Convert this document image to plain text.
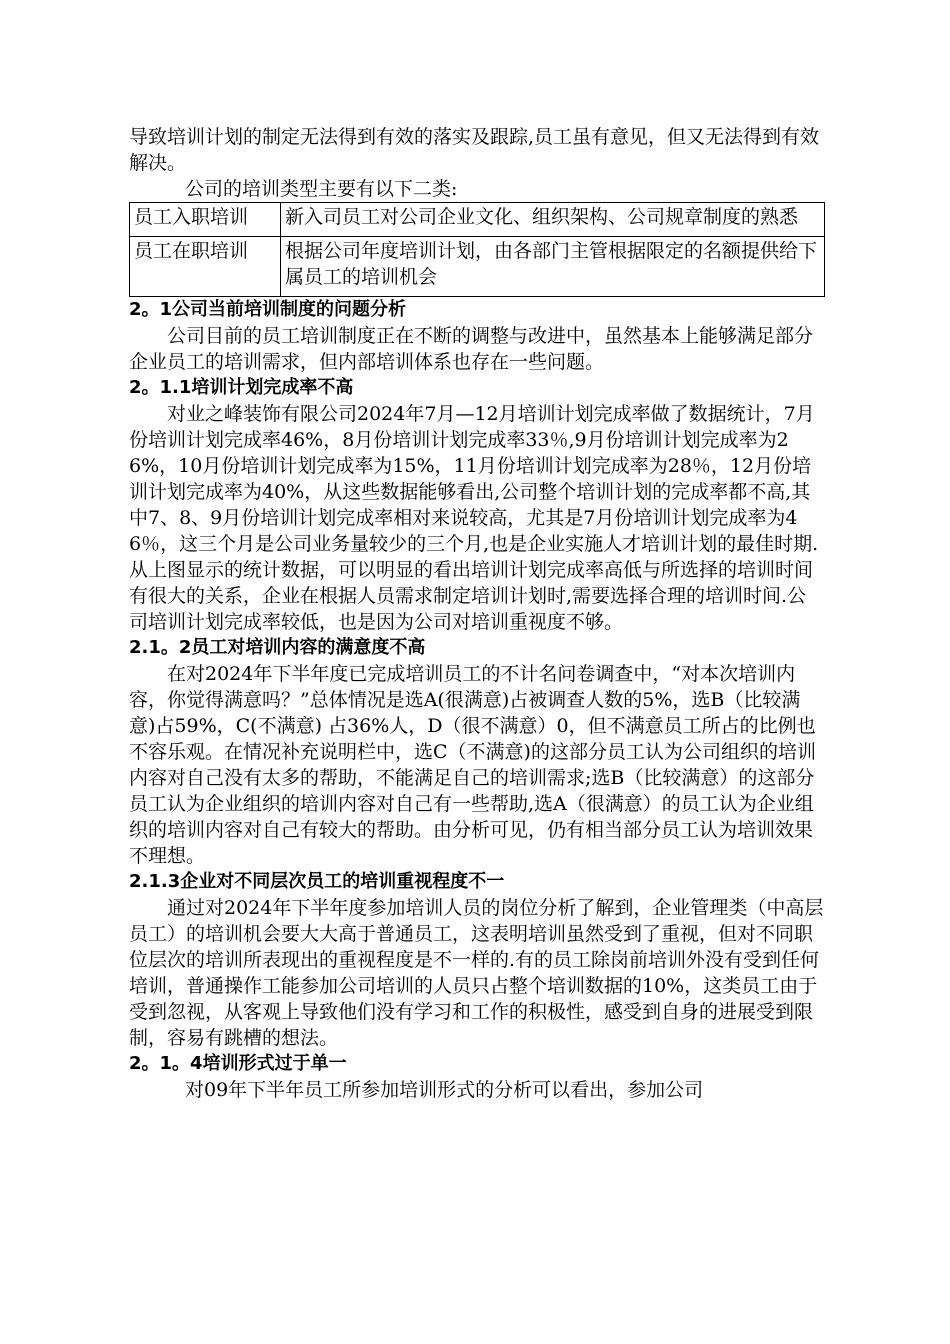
导致培训计划的制定无法得到有效的落实及跟踪,员工虽有意见，但又无法得到有效解决。

公司的培训类型主要有以下二类:

员工入职培训	新入司员工对公司企业文化、组织架构、公司规章制度的熟悉
员工在职培训	根据公司年度培训计划，由各部门主管根据限定的名额提供给下属员工的培训机会

2。1公司当前培训制度的问题分析

公司目前的员工培训制度正在不断的调整与改进中，虽然基本上能够满足部分企业员工的培训需求，但内部培训体系也存在一些问题。

2。1.1培训计划完成率不高

对业之峰装饰有限公司2024年7月—12月培训计划完成率做了数据统计，7月份培训计划完成率46%，8月份培训计划完成率33％,9月份培训计划完成率为26%，10月份培训计划完成率为15%，11月份培训计划完成率为28％，12月份培训计划完成率为40%，从这些数据能够看出,公司整个培训计划的完成率都不高,其中7、8、9月份培训计划完成率相对来说较高，尤其是7月份培训计划完成率为46％，这三个月是公司业务量较少的三个月,也是企业实施人才培训计划的最佳时期.从上图显示的统计数据，可以明显的看出培训计划完成率高低与所选择的培训时间有很大的关系，企业在根据人员需求制定培训计划时,需要选择合理的培训时间.公司培训计划完成率较低，也是因为公司对培训重视度不够。

2.1。2员工对培训内容的满意度不高

在对2024年下半年度已完成培训员工的不计名问卷调查中，“对本次培训内容，你觉得满意吗？”总体情况是选A(很满意)占被调查人数的5%，选B（比较满意)占59%，C(不满意) 占36%人，D（很不满意）0，但不满意员工所占的比例也不容乐观。在情况补充说明栏中，选C（不满意)的这部分员工认为公司组织的培训内容对自己没有太多的帮助，不能满足自己的培训需求;选B（比较满意）的这部分员工认为企业组织的培训内容对自己有一些帮助,选A（很满意）的员工认为企业组织的培训内容对自己有较大的帮助。由分析可见，仍有相当部分员工认为培训效果不理想。

2.1.3企业对不同层次员工的培训重视程度不一

通过对2024年下半年度参加培训人员的岗位分析了解到，企业管理类（中高层员工）的培训机会要大大高于普通员工，这表明培训虽然受到了重视，但对不同职位层次的培训所表现出的重视程度是不一样的.有的员工除岗前培训外没有受到任何培训，普通操作工能参加公司培训的人员只占整个培训数据的10%，这类员工由于受到忽视，从客观上导致他们没有学习和工作的积极性，感受到自身的进展受到限制，容易有跳槽的想法。

2。1。4培训形式过于单一

对09年下半年员工所参加培训形式的分析可以看出，参加公司
